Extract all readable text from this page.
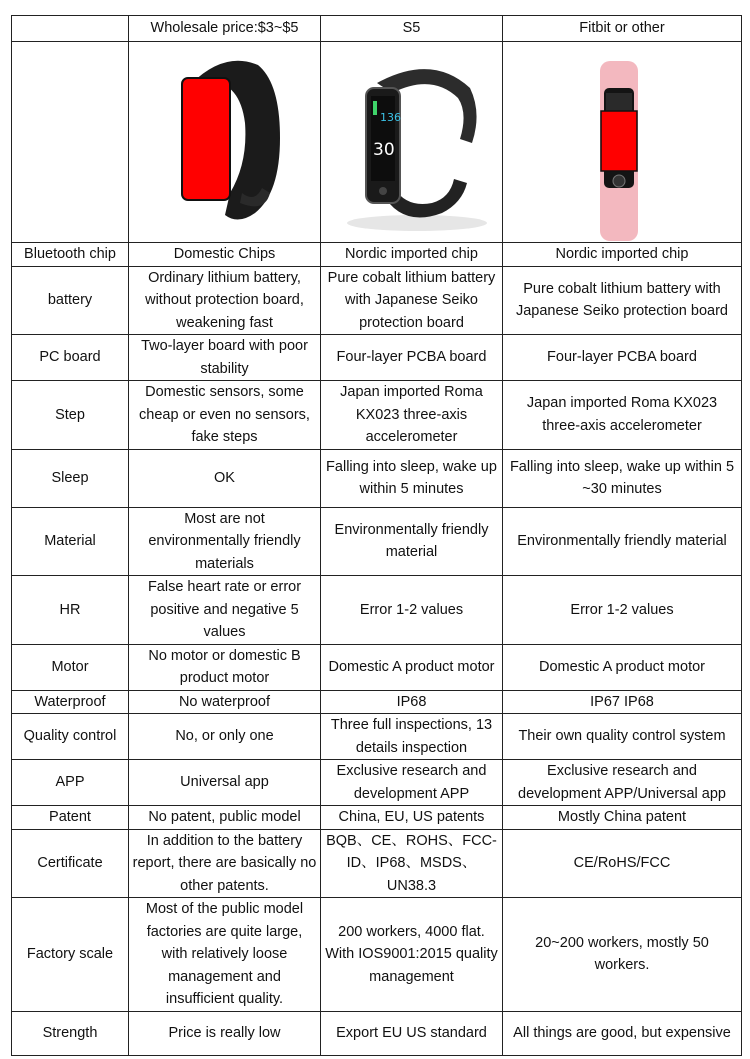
	Wholesale price:$3~$5	S5	Fitbit or other

136
30

Bluetooth chip	Domestic Chips	Nordic imported chip	Nordic imported chip
battery	Ordinary lithium battery, without protection board, weakening fast	Pure cobalt lithium battery with Japanese Seiko protection board	Pure cobalt lithium battery with Japanese Seiko protection board
PC board	Two-layer board with poor stability	Four-layer PCBA board	Four-layer PCBA board
Step	Domestic sensors, some cheap or even no sensors, fake steps	Japan imported Roma KX023 three-axis accelerometer	Japan imported Roma KX023 three-axis accelerometer
Sleep	OK	Falling into sleep, wake up within 5 minutes	Falling into sleep, wake up within 5 ~30 minutes
Material	Most are not environmentally friendly materials	Environmentally friendly material	Environmentally friendly material
HR	False heart rate or error positive and negative 5 values	Error 1-2 values	Error 1-2 values
Motor	No motor or domestic B product motor	Domestic A product motor	Domestic A product motor
Waterproof	No waterproof	IP68	IP67 IP68
Quality control	No, or only one	Three full inspections, 13 details inspection	Their own quality control system
APP	Universal app	Exclusive research and development APP	Exclusive research and development APP/Universal app
Patent	No patent, public model	China, EU, US patents	Mostly China patent
Certificate	In addition to the battery report, there are basically no other patents.	BQB、CE、ROHS、FCC-ID、IP68、MSDS、UN38.3	CE/RoHS/FCC
Factory scale	Most of the public model factories are quite large, with relatively loose management and insufficient quality.	200 workers, 4000 flat. With IOS9001:2015 quality management	20~200 workers, mostly 50 workers.
Strength	Price is really low	Export EU US standard	All things are good, but expensive
